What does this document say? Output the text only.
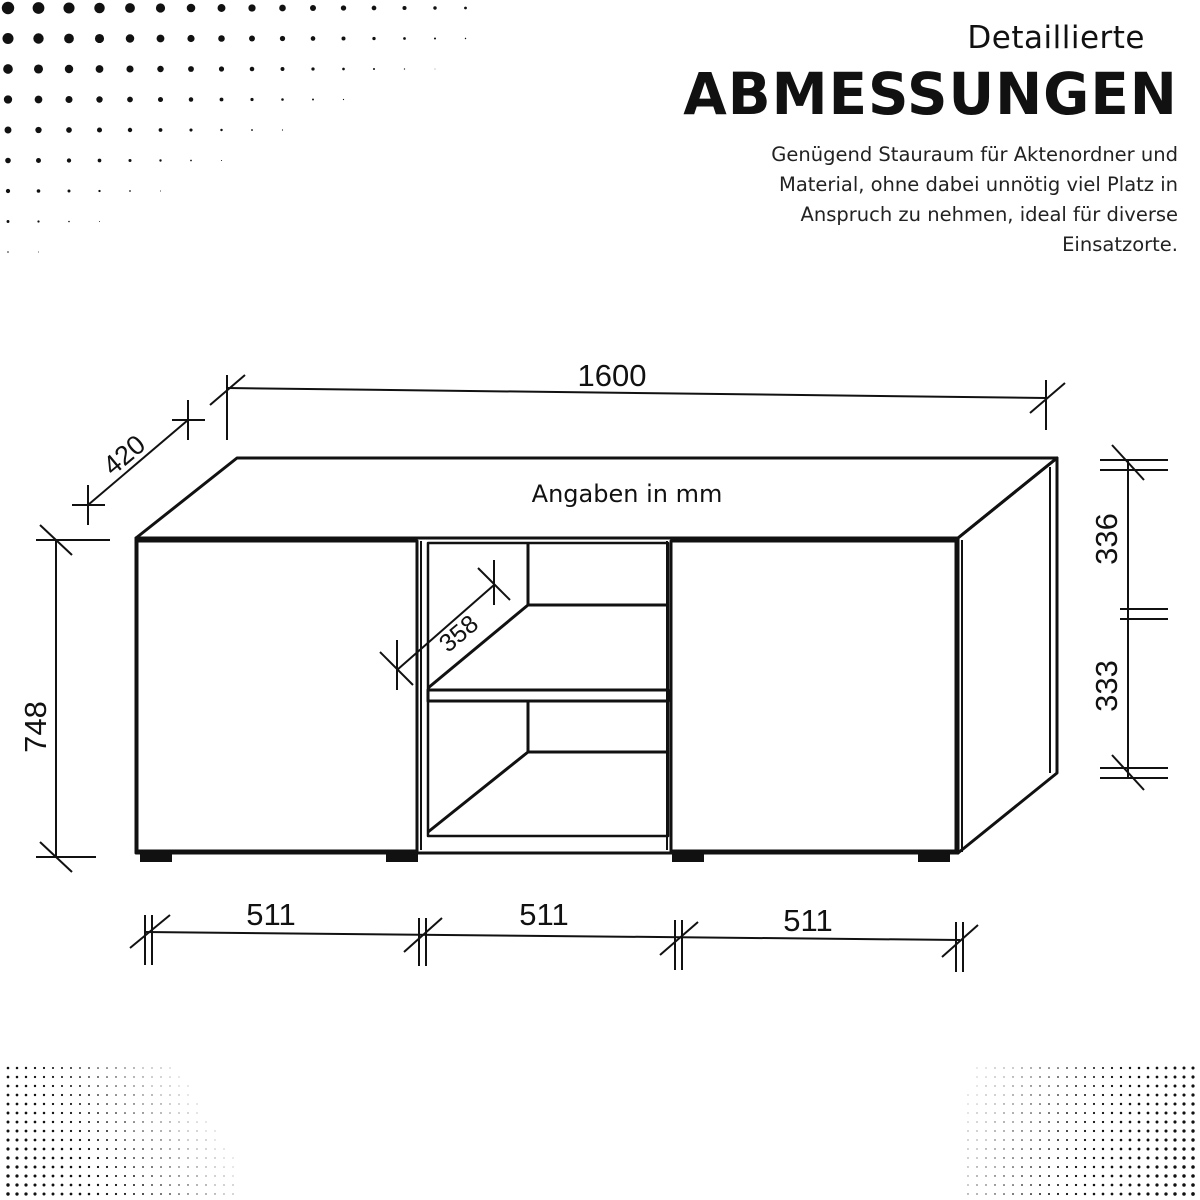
Detaillierte
ABMESSUNGEN
Genügend Stauraum für Aktenordner und
Material, ohne dabei unnötig viel Platz in
Anspruch zu nehmen, ideal für diverse
Einsatzorte.
Angaben in mm
1600
420
748
358
336
333
511	511	511
